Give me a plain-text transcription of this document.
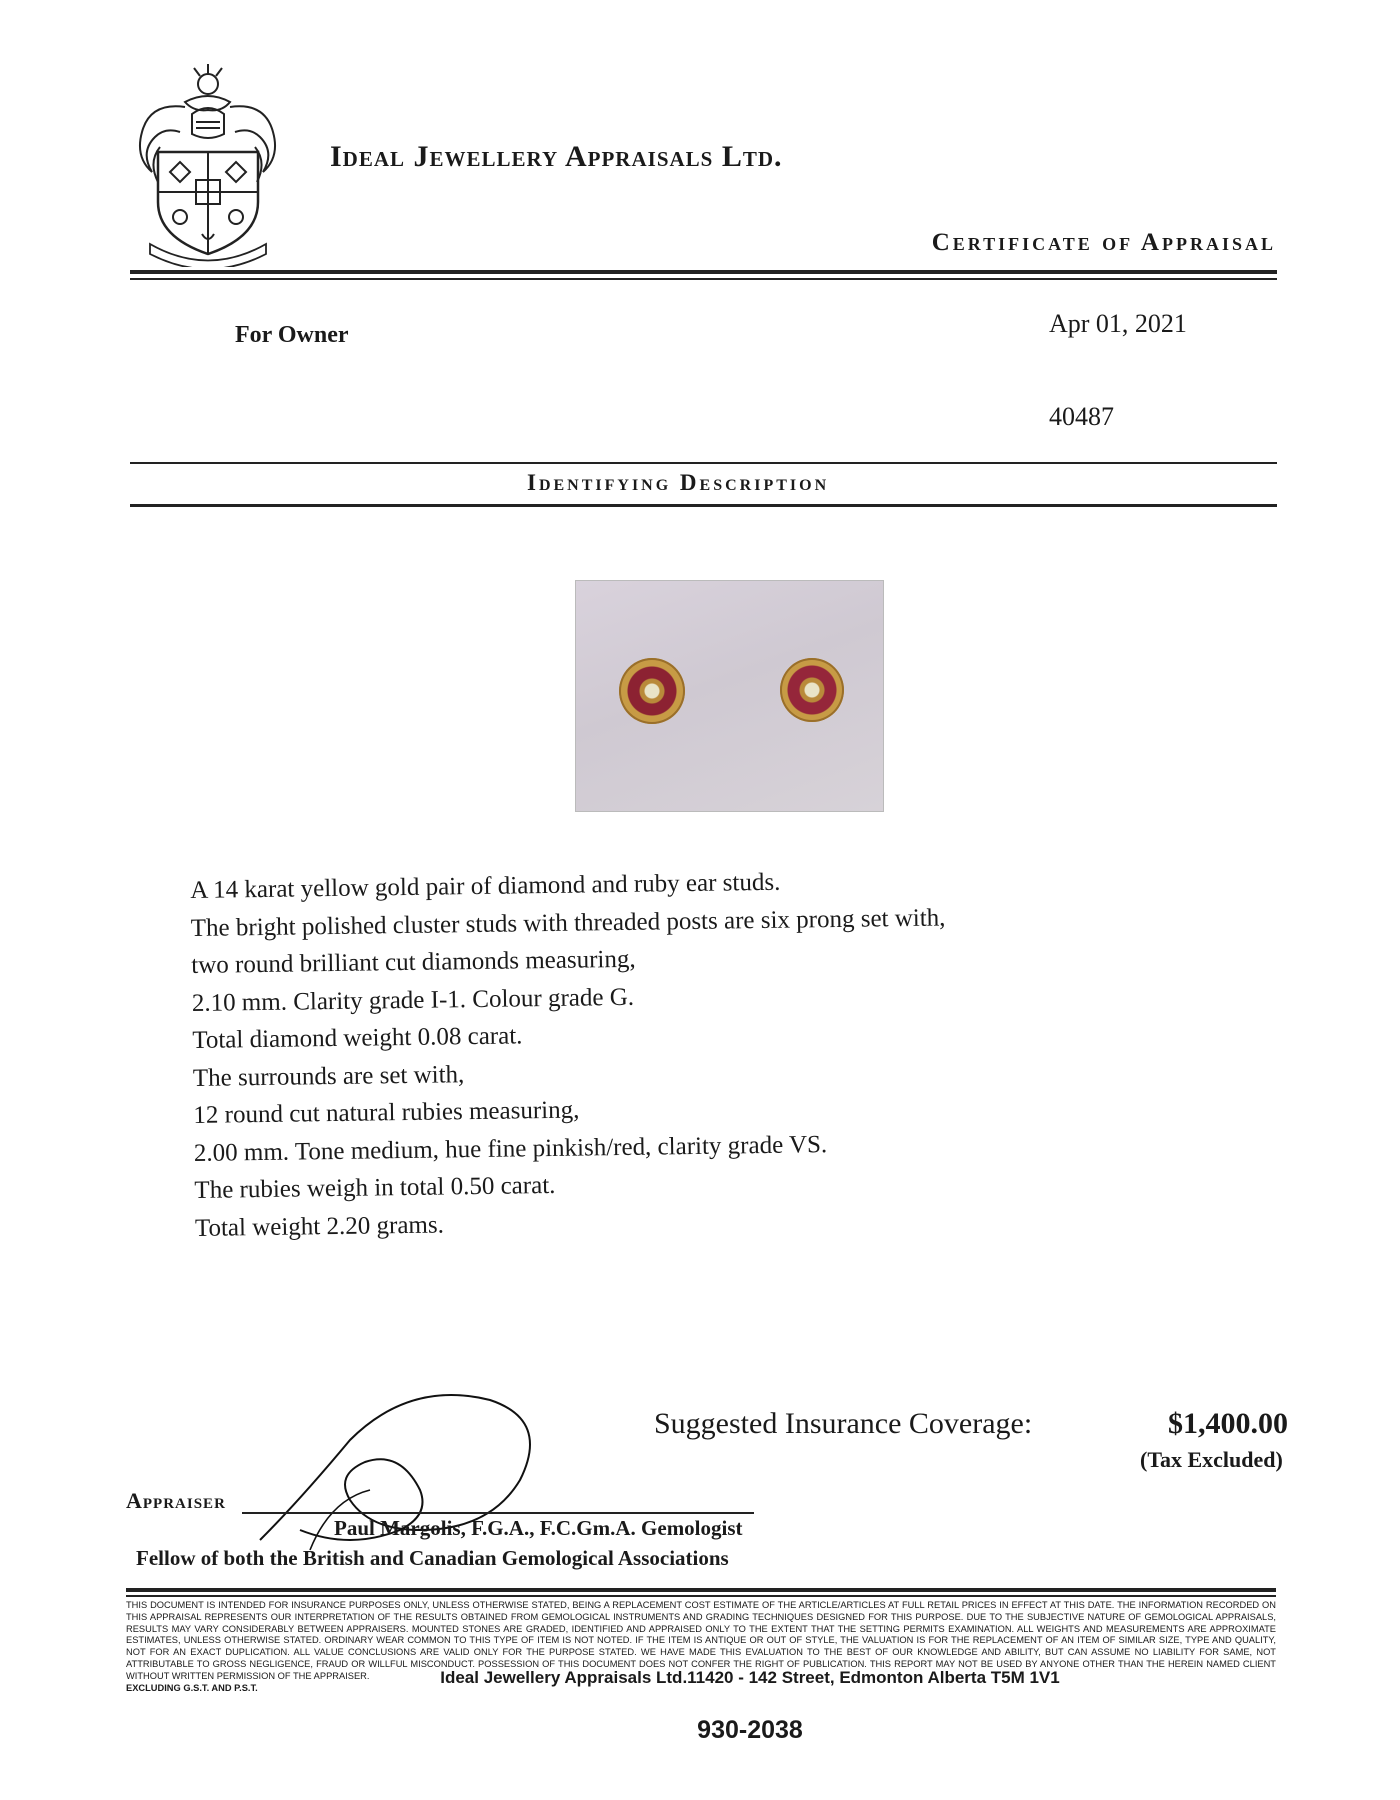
Ideal Jewellery Appraisals Ltd.
Certificate of Appraisal
For Owner	Apr 01, 2021
40487
Identifying Description
A 14 karat yellow gold pair of diamond and ruby ear studs.
The bright polished cluster studs with threaded posts are six prong set with,
two round brilliant cut diamonds measuring,
2.10 mm. Clarity grade I-1. Colour grade G.
Total diamond weight 0.08 carat.
The surrounds are set with,
12 round cut natural rubies measuring,
2.00 mm. Tone medium, hue fine pinkish/red, clarity grade VS.
The rubies weigh in total 0.50 carat.
Total weight 2.20 grams.
Suggested Insurance Coverage:	$1,400.00
(Tax Excluded)
Appraiser
Paul Margolis, F.G.A., F.C.Gm.A. Gemologist
Fellow of both the British and Canadian Gemological Associations
THIS DOCUMENT IS INTENDED FOR INSURANCE PURPOSES ONLY, UNLESS OTHERWISE STATED, BEING A REPLACEMENT COST ESTIMATE OF THE ARTICLE/ARTICLES AT FULL RETAIL PRICES IN EFFECT AT THIS DATE. THE INFORMATION RECORDED ON THIS APPRAISAL REPRESENTS OUR INTERPRETATION OF THE RESULTS OBTAINED FROM GEMOLOGICAL INSTRUMENTS AND GRADING TECHNIQUES DESIGNED FOR THIS PURPOSE. DUE TO THE SUBJECTIVE NATURE OF GEMOLOGICAL APPRAISALS, RESULTS MAY VARY CONSIDERABLY BETWEEN APPRAISERS. MOUNTED STONES ARE GRADED, IDENTIFIED AND APPRAISED ONLY TO THE EXTENT THAT THE SETTING PERMITS EXAMINATION. ALL WEIGHTS AND MEASUREMENTS ARE APPROXIMATE ESTIMATES, UNLESS OTHERWISE STATED. ORDINARY WEAR COMMON TO THIS TYPE OF ITEM IS NOT NOTED. IF THE ITEM IS ANTIQUE OR OUT OF STYLE, THE VALUATION IS FOR THE REPLACEMENT OF AN ITEM OF SIMILAR SIZE, TYPE AND QUALITY, NOT FOR AN EXACT DUPLICATION. ALL VALUE CONCLUSIONS ARE VALID ONLY FOR THE PURPOSE STATED. WE HAVE MADE THIS EVALUATION TO THE BEST OF OUR KNOWLEDGE AND ABILITY, BUT CAN ASSUME NO LIABILITY FOR SAME, NOT ATTRIBUTABLE TO GROSS NEGLIGENCE, FRAUD OR WILLFUL MISCONDUCT. POSSESSION OF THIS DOCUMENT DOES NOT CONFER THE RIGHT OF PUBLICATION. THIS REPORT MAY NOT BE USED BY ANYONE OTHER THAN THE HEREIN NAMED CLIENT WITHOUT WRITTEN PERMISSION OF THE APPRAISER.
EXCLUDING G.S.T. AND P.S.T.
Ideal Jewellery Appraisals Ltd.11420 - 142 Street, Edmonton Alberta T5M 1V1
930-2038
